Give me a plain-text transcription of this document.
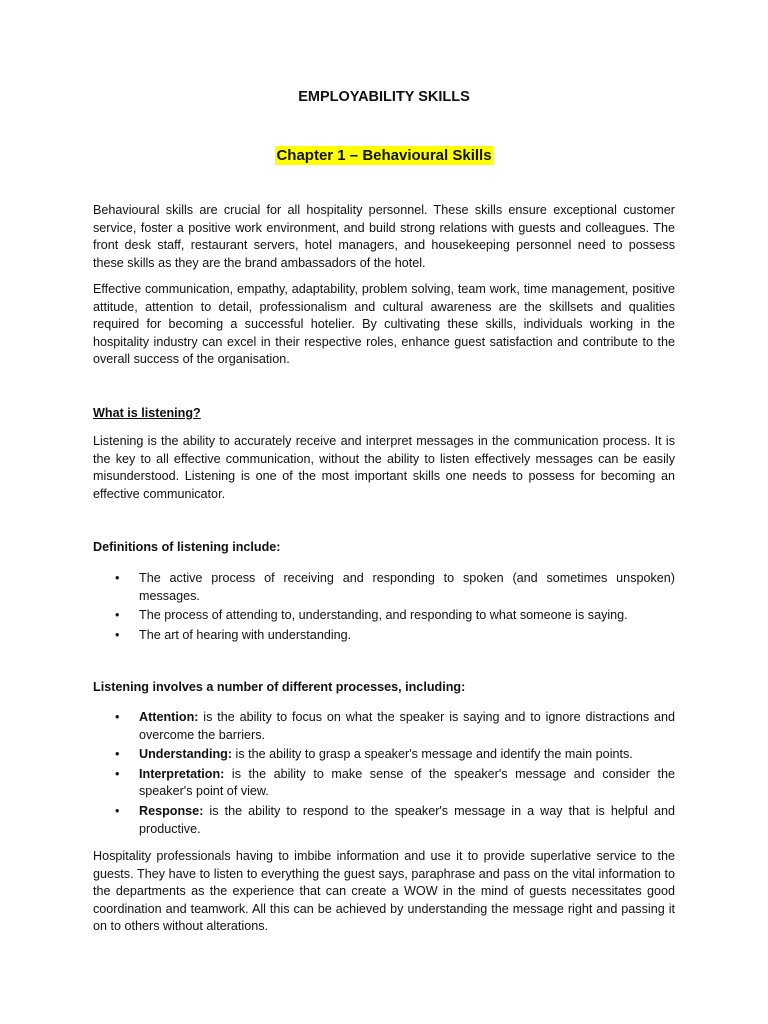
EMPLOYABILITY SKILLS
Chapter 1 – Behavioural Skills

Behavioural skills are crucial for all hospitality personnel. These skills ensure exceptional customer service, foster a positive work environment, and build strong relations with guests and colleagues. The front desk staff, restaurant servers, hotel managers, and housekeeping personnel need to possess these skills as they are the brand ambassadors of the hotel.

Effective communication, empathy, adaptability, problem solving, team work, time management, positive attitude, attention to detail, professionalism and cultural awareness are the skillsets and qualities required for becoming a successful hotelier. By cultivating these skills, individuals working in the hospitality industry can excel in their respective roles, enhance guest satisfaction and contribute to the overall success of the organisation.

What is listening?

Listening is the ability to accurately receive and interpret messages in the communication process. It is the key to all effective communication, without the ability to listen effectively messages can be easily misunderstood. Listening is one of the most important skills one needs to possess for becoming an effective communicator.

Definitions of listening include:
• The active process of receiving and responding to spoken (and sometimes unspoken) messages.
• The process of attending to, understanding, and responding to what someone is saying.
• The art of hearing with understanding.
Listening involves a number of different processes, including:
• Attention: is the ability to focus on what the speaker is saying and to ignore distractions and overcome the barriers.
• Understanding: is the ability to grasp a speaker's message and identify the main points.
• Interpretation: is the ability to make sense of the speaker's message and consider the speaker's point of view.
• Response: is the ability to respond to the speaker's message in a way that is helpful and productive.

Hospitality professionals having to imbibe information and use it to provide superlative service to the guests. They have to listen to everything the guest says, paraphrase and pass on the vital information to the departments as the experience that can create a WOW in the mind of guests necessitates good coordination and teamwork. All this can be achieved by understanding the message right and passing it on to others without alterations.
